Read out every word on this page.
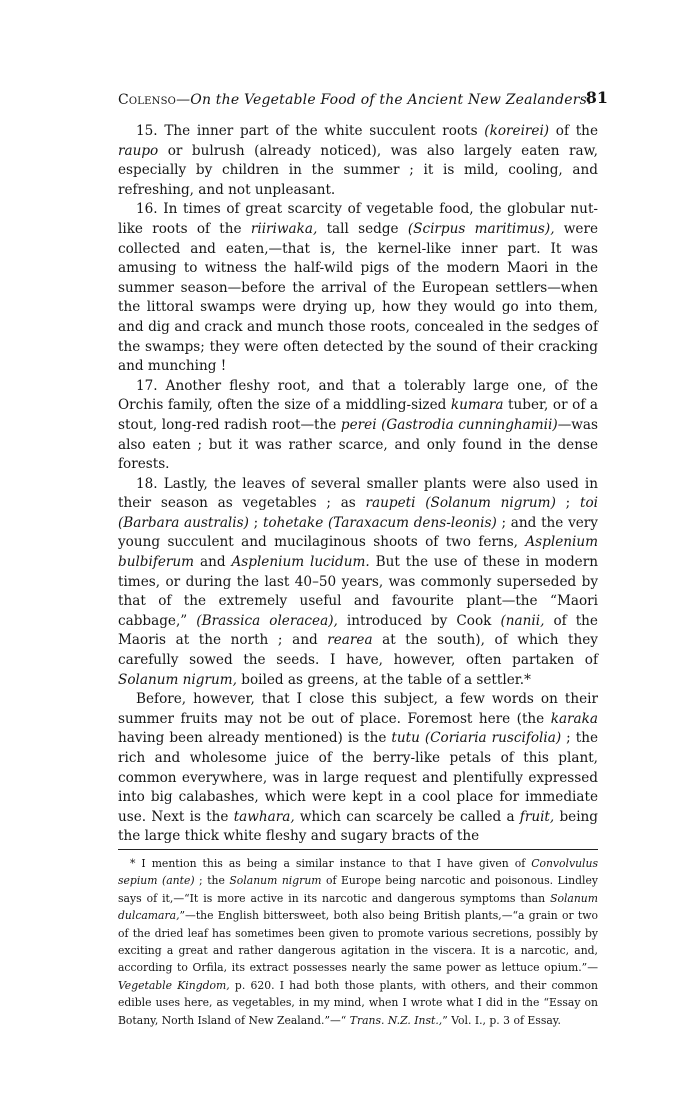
Colenso—On the Vegetable Food of the Ancient New Zealanders.
81

15. The inner part of the white succulent roots (koreirei) of the raupo or bulrush (already noticed), was also largely eaten raw, especially by children in the summer ; it is mild, cooling, and refreshing, and not unpleasant.

16. In times of great scarcity of vegetable food, the globular nut-like roots of the riiriwaka, tall sedge (Scirpus maritimus), were collected and eaten,—that is, the kernel-like inner part. It was amusing to witness the half-wild pigs of the modern Maori in the summer season—before the arrival of the European settlers—when the littoral swamps were drying up, how they would go into them, and dig and crack and munch those roots, concealed in the sedges of the swamps; they were often detected by the sound of their cracking and munching !

17. Another fleshy root, and that a tolerably large one, of the Orchis family, often the size of a middling-sized kumara tuber, or of a stout, long-red radish root—the perei (Gastrodia cunninghamii)—was also eaten ; but it was rather scarce, and only found in the dense forests.

18. Lastly, the leaves of several smaller plants were also used in their season as vegetables ; as raupeti (Solanum nigrum) ; toi (Barbara australis) ; tohetake (Taraxacum dens-leonis) ; and the very young succulent and mucilaginous shoots of two ferns, Asplenium bulbiferum and Asplenium lucidum. But the use of these in modern times, or during the last 40–50 years, was commonly superseded by that of the extremely useful and favourite plant—the “Maori cabbage,” (Brassica oleracea), introduced by Cook (nanii, of the Maoris at the north ; and rearea at the south), of which they carefully sowed the seeds. I have, however, often partaken of Solanum nigrum, boiled as greens, at the table of a settler.*

Before, however, that I close this subject, a few words on their summer fruits may not be out of place. Foremost here (the karaka having been already mentioned) is the tutu (Coriaria ruscifolia) ; the rich and wholesome juice of the berry-like petals of this plant, common everywhere, was in large request and plentifully expressed into big calabashes, which were kept in a cool place for immediate use. Next is the tawhara, which can scarcely be called a fruit, being the large thick white fleshy and sugary bracts of the

* I mention this as being a similar instance to that I have given of Convolvulus sepium (ante) ; the Solanum nigrum of Europe being narcotic and poisonous. Lindley says of it,—“It is more active in its narcotic and dangerous symptoms than Solanum dulcamara,”—the English bittersweet, both also being British plants,—“a grain or two of the dried leaf has sometimes been given to promote various secretions, possibly by exciting a great and rather dangerous agitation in the viscera. It is a narcotic, and, according to Orfila, its extract possesses nearly the same power as lettuce opium.”—Vegetable Kingdom, p. 620. I had both those plants, with others, and their common edible uses here, as vegetables, in my mind, when I wrote what I did in the “Essay on Botany, North Island of New Zealand.”—“ Trans. N.Z. Inst.,” Vol. I., p. 3 of Essay.
